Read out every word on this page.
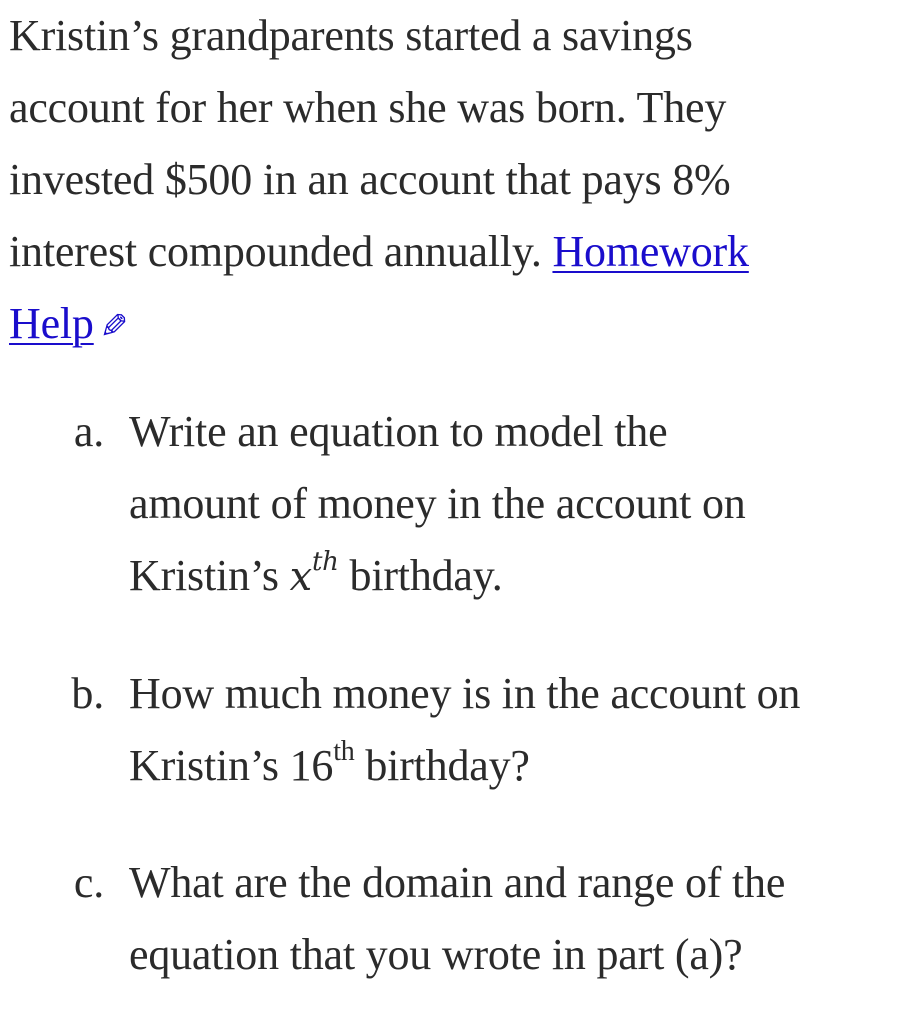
Kristin’s grandparents started a savings
account for her when she was born. They
invested $500 in an account that pays 8%
interest compounded annually. Homework
Help ✎
a. Write an equation to model the
amount of money in the account on
Kristin’s $x^{th}$ birthday.
b. How much money is in the account on
Kristin’s 16th birthday?
c. What are the domain and range of the
equation that you wrote in part (a)?
